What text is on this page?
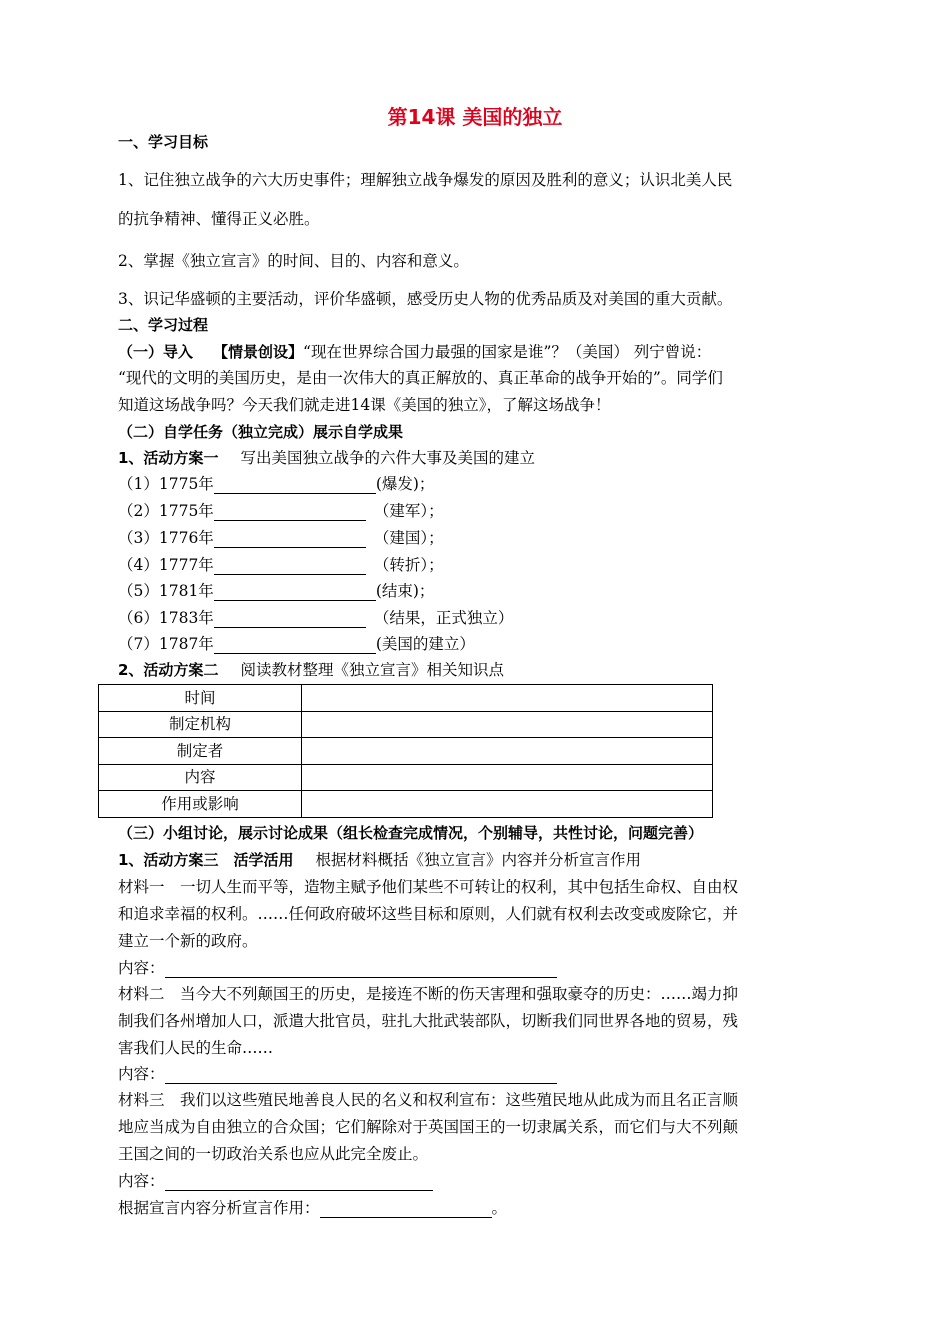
第14课 美国的独立
一、学习目标
1、记住独立战争的六大历史事件；理解独立战争爆发的原因及胜利的意义；认识北美人民
的抗争精神、懂得正义必胜。
2、掌握《独立宣言》的时间、目的、内容和意义。
3、识记华盛顿的主要活动，评价华盛顿，感受历史人物的优秀品质及对美国的重大贡献。
二、学习过程
（一）导入 【情景创设】“现在世界综合国力最强的国家是谁”？（美国） 列宁曾说：
“现代的文明的美国历史，是由一次伟大的真正解放的、真正革命的战争开始的”。同学们
知道这场战争吗？今天我们就走进14课《美国的独立》，了解这场战争！
（二）自学任务（独立完成）展示自学成果
1、活动方案一 写出美国独立战争的六件大事及美国的建立
（1）1775年	(爆发)；
（2）1775年	（建军）；
（3）1776年	（建国）；
（4）1777年	（转折）；
（5）1781年	(结束)；
（6）1783年	（结果，正式独立）
（7）1787年	(美国的建立）
2、活动方案二 阅读教材整理《独立宣言》相关知识点
时间	
制定机构	
制定者	
内容	
作用或影响	
（三）小组讨论，展示讨论成果（组长检查完成情况，个别辅导，共性讨论，问题完善）
1、活动方案三　活学活用 根据材料概括《独立宣言》内容并分析宣言作用
材料一　一切人生而平等，造物主赋予他们某些不可转让的权利，其中包括生命权、自由权
和追求幸福的权利。……任何政府破坏这些目标和原则，人们就有权利去改变或废除它，并
建立一个新的政府。
内容：
材料二　当今大不列颠国王的历史，是接连不断的伤天害理和强取豪夺的历史：……竭力抑
制我们各州增加人口，派遣大批官员，驻扎大批武装部队，切断我们同世界各地的贸易，残
害我们人民的生命……
内容：
材料三　我们以这些殖民地善良人民的名义和权利宣布：这些殖民地从此成为而且名正言顺
地应当成为自由独立的合众国；它们解除对于英国国王的一切隶属关系，而它们与大不列颠
王国之间的一切政治关系也应从此完全废止。
内容：
根据宣言内容分析宣言作用：	。
